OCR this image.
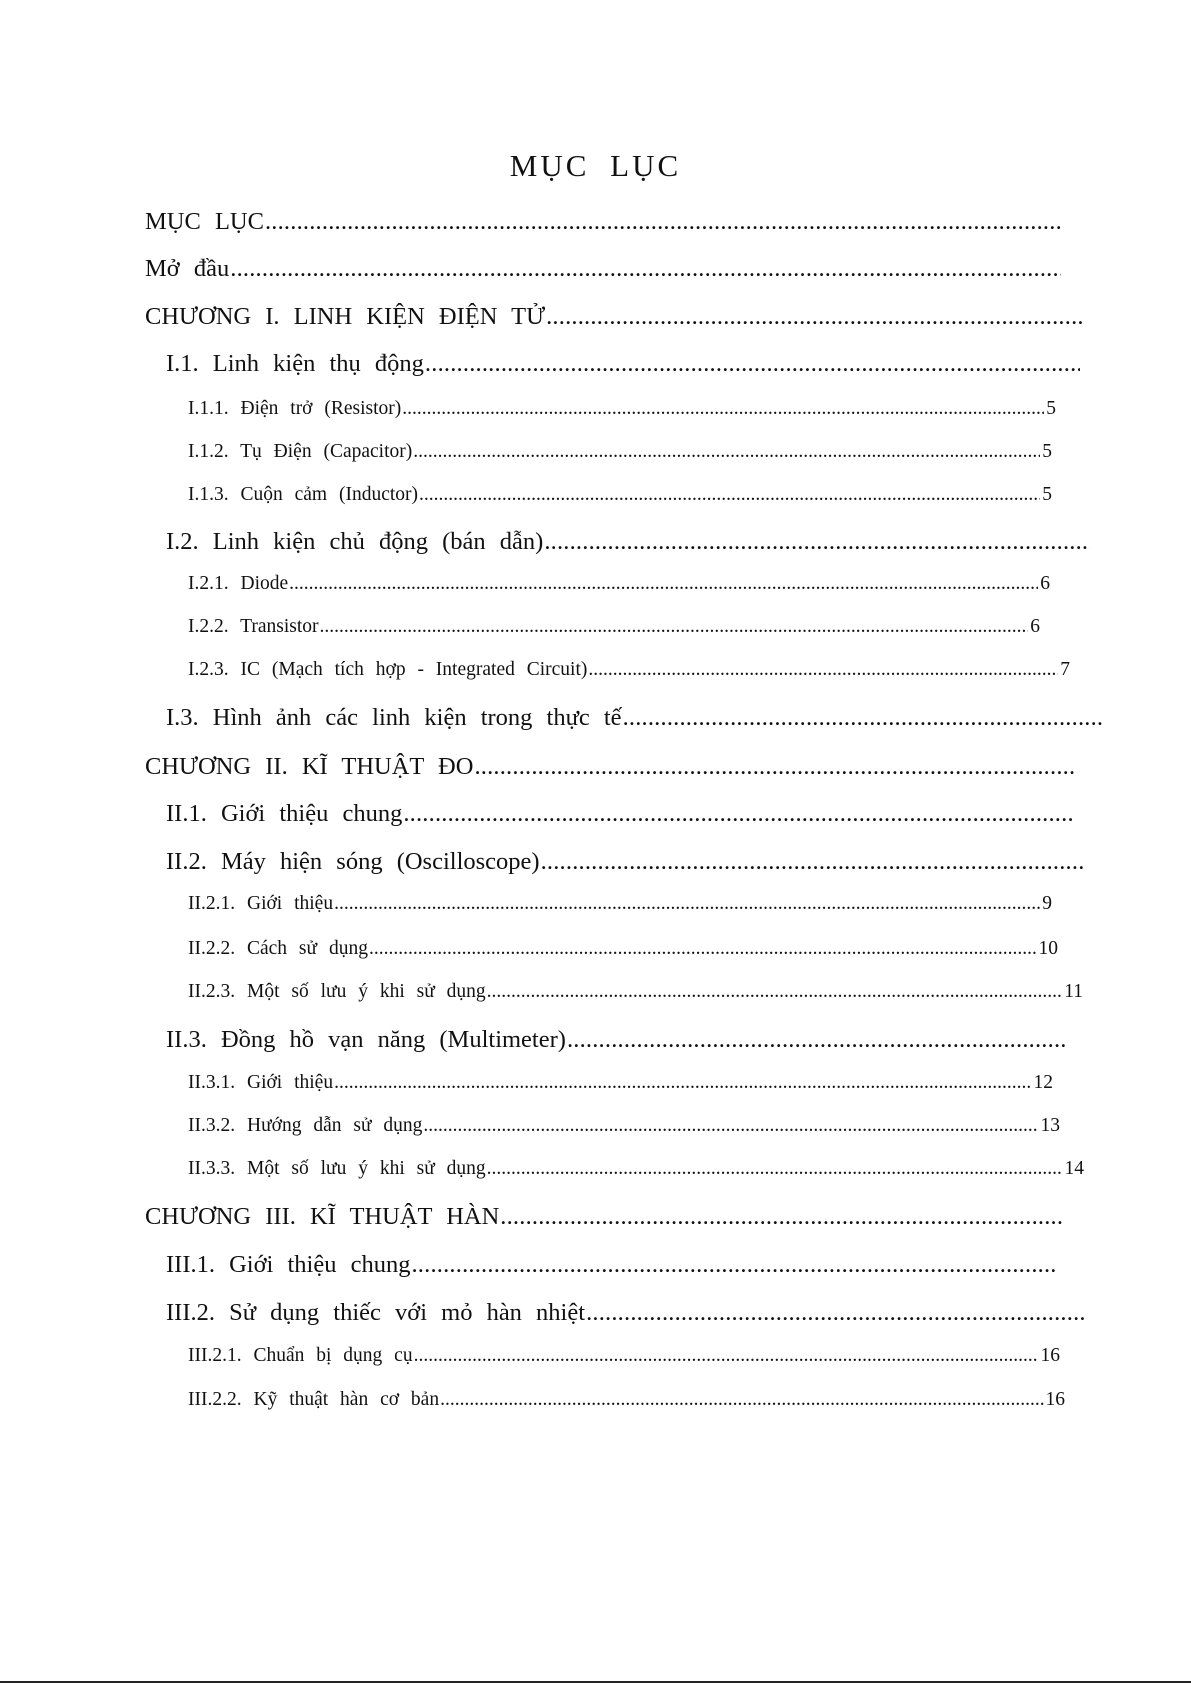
MỤC LỤC
MỤC LỤC
.....
Mở đầu
.....
CHƯƠNG I. LINH KIỆN ĐIỆN TỬ
.....
I.1. Linh kiện thụ động
.....
I.1.1. Điện trở (Resistor) .....	5
I.1.2. Tụ Điện (Capacitor) .....	5
I.1.3. Cuộn cảm (Inductor) .....	5
I.2. Linh kiện chủ động (bán dẫn)
.....
I.2.1. Diode .....	6
I.2.2. Transistor .....	6
I.2.3. IC (Mạch tích hợp - Integrated Circuit) .....	7
I.3. Hình ảnh các linh kiện trong thực tế
.....
CHƯƠNG II. KĨ THUẬT ĐO
.....
II.1. Giới thiệu chung
.....
II.2. Máy hiện sóng (Oscilloscope)
.....
II.2.1. Giới thiệu .....	9
II.2.2. Cách sử dụng .....	10
II.2.3. Một số lưu ý khi sử dụng .....	11
II.3. Đồng hồ vạn năng (Multimeter)
.....
II.3.1. Giới thiệu .....	12
II.3.2. Hướng dẫn sử dụng .....	13
II.3.3. Một số lưu ý khi sử dụng .....	14
CHƯƠNG III. KĨ THUẬT HÀN
.....
III.1. Giới thiệu chung
.....
III.2. Sử dụng thiếc với mỏ hàn nhiệt
.....
III.2.1. Chuẩn bị dụng cụ .....	16
III.2.2. Kỹ thuật hàn cơ bản .....	16
